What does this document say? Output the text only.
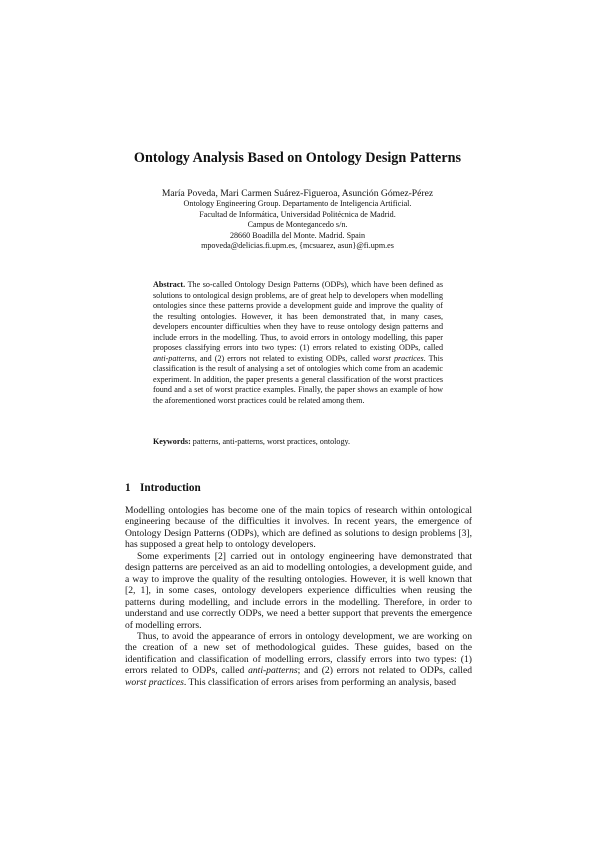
Ontology Analysis Based on Ontology Design Patterns
María Poveda, Mari Carmen Suárez-Figueroa, Asunción Gómez-Pérez
Ontology Engineering Group. Departamento de Inteligencia Artificial.
Facultad de Informática, Universidad Politécnica de Madrid.
Campus de Montegancedo s/n.
28660 Boadilla del Monte. Madrid. Spain
mpoveda@delicias.fi.upm.es, {mcsuarez, asun}@fi.upm.es
Abstract. The so-called Ontology Design Patterns (ODPs), which have been defined as solutions to ontological design problems, are of great help to developers when modelling ontologies since these patterns provide a development guide and improve the quality of the resulting ontologies. However, it has been demonstrated that, in many cases, developers encounter difficulties when they have to reuse ontology design patterns and include errors in the modelling. Thus, to avoid errors in ontology modelling, this paper proposes classifying errors into two types: (1) errors related to existing ODPs, called anti-patterns, and (2) errors not related to existing ODPs, called worst practices. This classification is the result of analysing a set of ontologies which come from an academic experiment. In addition, the paper presents a general classification of the worst practices found and a set of worst practice examples. Finally, the paper shows an example of how the aforementioned worst practices could be related among them.
Keywords: patterns, anti-patterns, worst practices, ontology.
1 Introduction

Modelling ontologies has become one of the main topics of research within ontological engineering because of the difficulties it involves. In recent years, the emergence of Ontology Design Patterns (ODPs), which are defined as solutions to design problems [3], has supposed a great help to ontology developers.

Some experiments [2] carried out in ontology engineering have demonstrated that design patterns are perceived as an aid to modelling ontologies, a development guide, and a way to improve the quality of the resulting ontologies. However, it is well known that [2, 1], in some cases, ontology developers experience difficulties when reusing the patterns during modelling, and include errors in the modelling. Therefore, in order to understand and use correctly ODPs, we need a better support that prevents the emergence of modelling errors.

Thus, to avoid the appearance of errors in ontology development, we are working on the creation of a new set of methodological guides. These guides, based on the identification and classification of modelling errors, classify errors into two types: (1) errors related to ODPs, called anti-patterns; and (2) errors not related to ODPs, called worst practices. This classification of errors arises from performing an analysis, based
